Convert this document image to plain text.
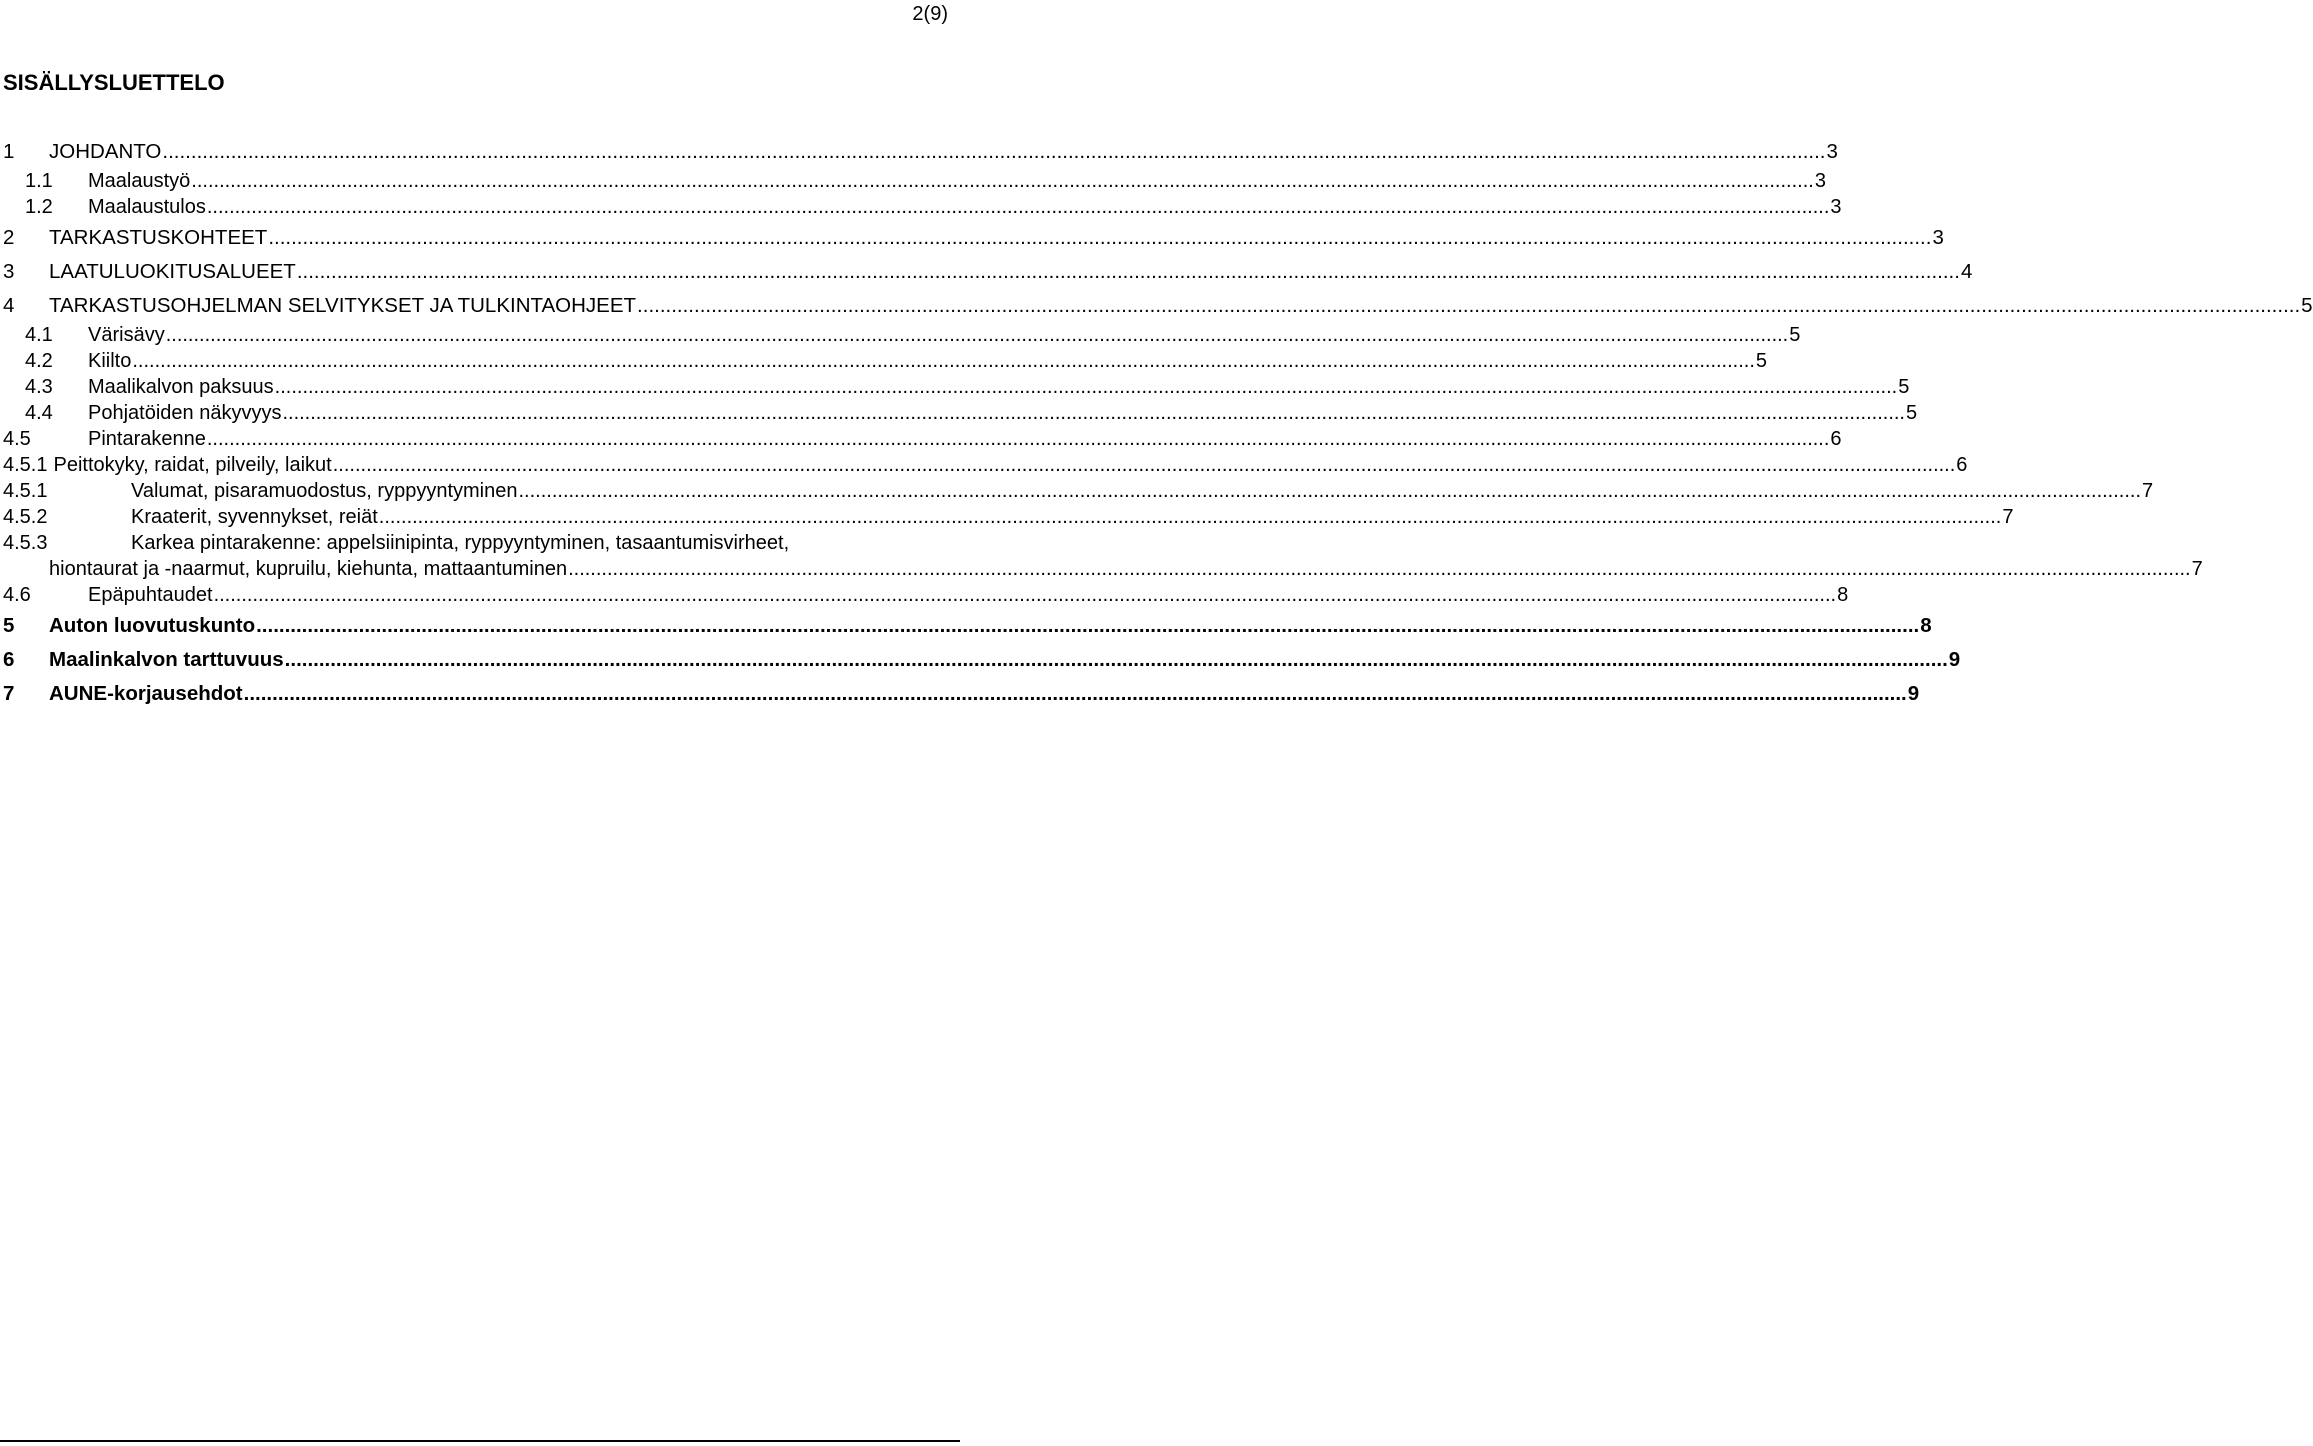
2(9)
SISÄLLYSLUETTELO
1	JOHDANTO .....	3
1.1	Maalaustyö .....	3
1.2	Maalaustulos .....	3
2	TARKASTUSKOHTEET .....	3
3	LAATULUOKITUSALUEET .....	4
4	TARKASTUSOHJELMAN SELVITYKSET JA TULKINTAOHJEET .....	5
4.1	Värisävy .....	5
4.2	Kiilto .....	5
4.3	Maalikalvon paksuus .....	5
4.4	Pohjatöiden näkyvyys .....	5
4.5	Pintarakenne .....	6
4.5.1 Peittokyky, raidat, pilveily, laikut .....	6
4.5.1	Valumat, pisaramuodostus, ryppyyntyminen .....	7
4.5.2	Kraaterit, syvennykset, reiät .....	7
4.5.3	Karkea pintarakenne: appelsiinipinta, ryppyyntyminen, tasaantumisvirheet,
hiontaurat ja -naarmut, kupruilu, kiehunta, mattaantuminen .....	7
4.6	Epäpuhtaudet .....	8
5	Auton luovutuskunto .....	8
6	Maalinkalvon tarttuvuus .....	9
7	AUNE-korjausehdot .....	9
